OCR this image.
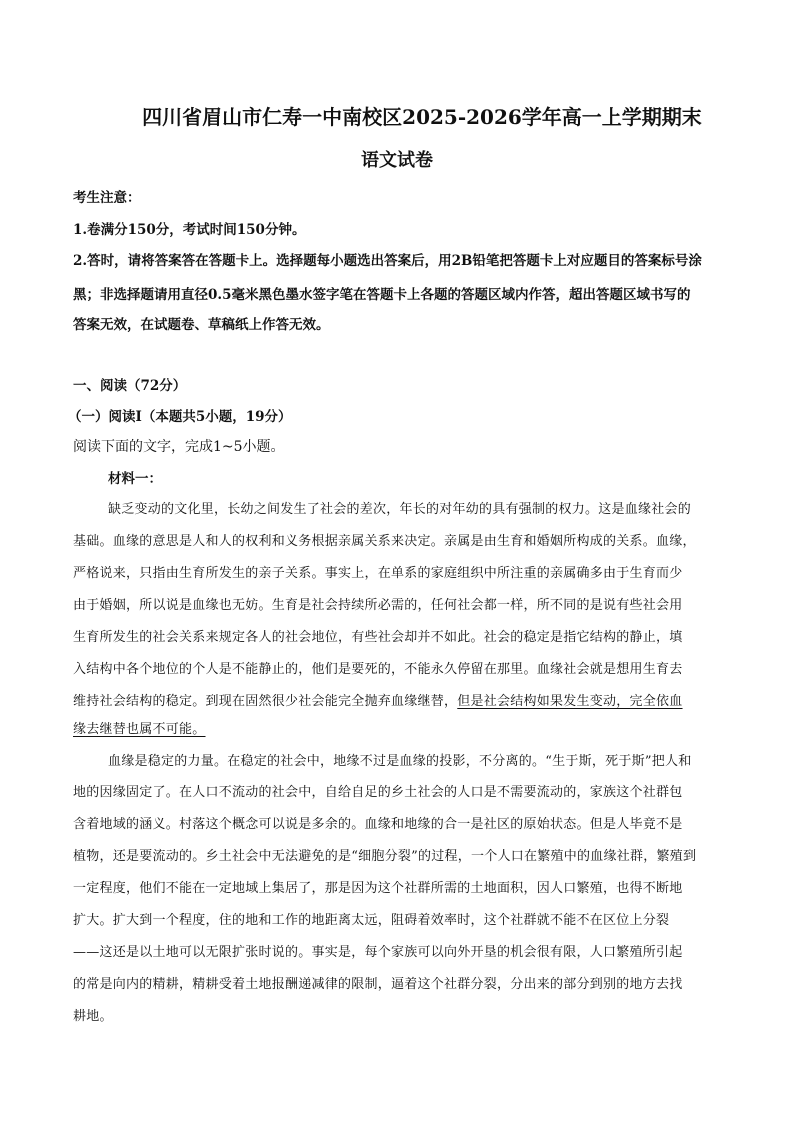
四川省眉山市仁寿一中南校区2025-2026学年高一上学期期末
语文试卷
考生注意：
1.卷满分150分，考试时间150分钟。
2.答时，请将答案答在答题卡上。选择题每小题选出答案后，用2B铅笔把答题卡上对应题目的答案标号涂
黑；非选择题请用直径0.5毫米黑色墨水签字笔在答题卡上各题的答题区域内作答，超出答题区域书写的
答案无效，在试题卷、草稿纸上作答无效。
一、阅读（72分）
（一）阅读Ⅰ（本题共5小题，19分）
阅读下面的文字，完成1~5小题。
材料一：
缺乏变动的文化里，长幼之间发生了社会的差次，年长的对年幼的具有强制的权力。这是血缘社会的
基础。血缘的意思是人和人的权利和义务根据亲属关系来决定。亲属是由生育和婚姻所构成的关系。血缘，
严格说来，只指由生育所发生的亲子关系。事实上，在单系的家庭组织中所注重的亲属确多由于生育而少
由于婚姻，所以说是血缘也无妨。生育是社会持续所必需的，任何社会都一样，所不同的是说有些社会用
生育所发生的社会关系来规定各人的社会地位，有些社会却并不如此。社会的稳定是指它结构的静止，填
入结构中各个地位的个人是不能静止的，他们是要死的，不能永久停留在那里。血缘社会就是想用生育去
维持社会结构的稳定。到现在固然很少社会能完全抛弃血缘继替，但是社会结构如果发生变动，完全依血
缘去继替也属不可能。
血缘是稳定的力量。在稳定的社会中，地缘不过是血缘的投影，不分离的。“生于斯，死于斯”把人和
地的因缘固定了。在人口不流动的社会中，自给自足的乡土社会的人口是不需要流动的，家族这个社群包
含着地域的涵义。村落这个概念可以说是多余的。血缘和地缘的合一是社区的原始状态。但是人毕竟不是
植物，还是要流动的。乡土社会中无法避免的是“细胞分裂”的过程，一个人口在繁殖中的血缘社群，繁殖到
一定程度，他们不能在一定地域上集居了，那是因为这个社群所需的土地面积，因人口繁殖，也得不断地
扩大。扩大到一个程度，住的地和工作的地距离太远，阻碍着效率时，这个社群就不能不在区位上分裂
——这还是以土地可以无限扩张时说的。事实是，每个家族可以向外开垦的机会很有限，人口繁殖所引起
的常是向内的精耕，精耕受着土地报酬递减律的限制，逼着这个社群分裂，分出来的部分到别的地方去找
耕地。
